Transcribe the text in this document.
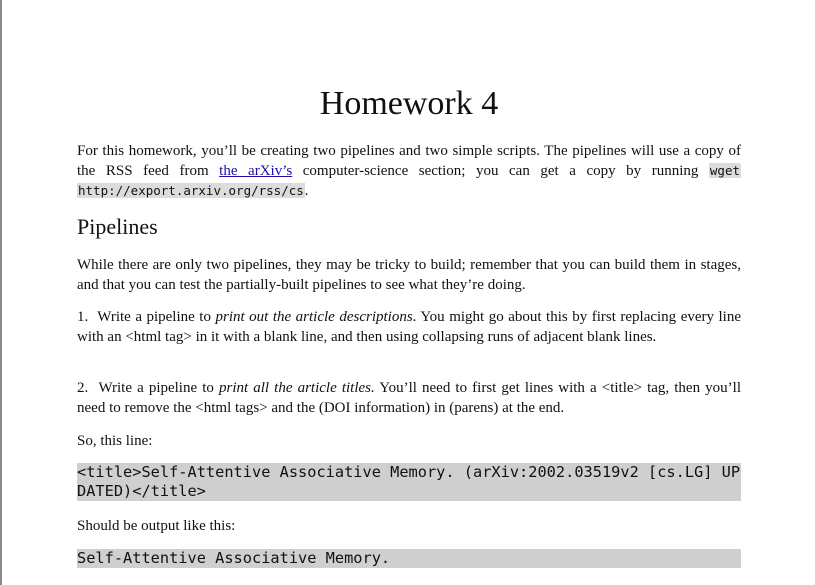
Homework 4

For this homework, you’ll be creating two pipelines and two simple scripts. The pipelines will use a copy of the RSS feed from the arXiv’s computer-science section; you can get a copy by running wget http://export.arxiv.org/rss/cs.

Pipelines

While there are only two pipelines, they may be tricky to build; remember that you can build them in stages, and that you can test the partially-built pipelines to see what they’re doing.

1. Write a pipeline to print out the article descriptions. You might go about this by first replacing every line with an <html tag> in it with a blank line, and then using collapsing runs of adjacent blank lines.

2. Write a pipeline to print all the article titles. You’ll need to first get lines with a <title> tag, then you’ll need to remove the <html tags> and the (DOI information) in (parens) at the end.

So, this line:

<title>Self-Attentive Associative Memory. (arXiv:2002.03519v2 [cs.LG] UPDATED)</title>

Should be output like this:

Self-Attentive Associative Memory.
